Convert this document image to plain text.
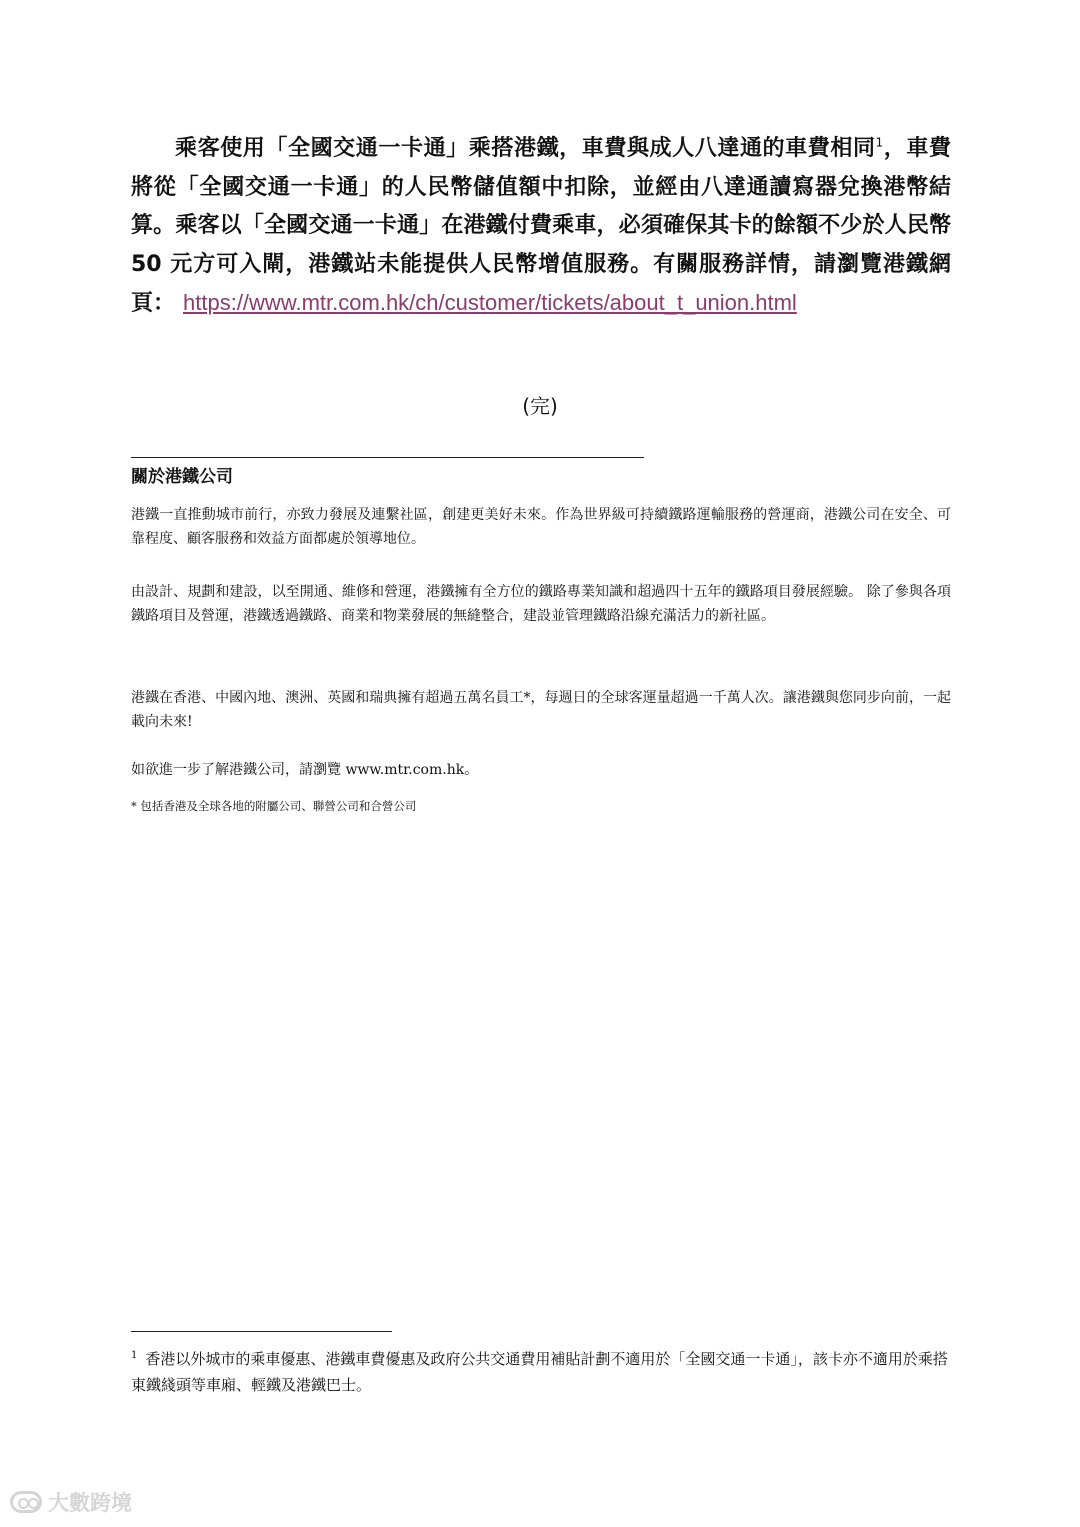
乘客使用「全國交通一卡通」乘搭港鐵，車費與成人八達通的車費相同$^1$，車費將從「全國交通一卡通」的人民幣儲值額中扣除，並經由八達通讀寫器兌換港幣結算。乘客以「全國交通一卡通」在港鐵付費乘車，必須確保其卡的餘額不少於人民幣 50 元方可入閘，港鐵站未能提供人民幣增值服務。有關服務詳情，請瀏覽港鐵網頁： https://www.mtr.com.hk/ch/customer/tickets/about_t_union.html

(完)

關於港鐵公司

港鐵一直推動城市前行，亦致力發展及連繫社區，創建更美好未來。作為世界級可持續鐵路運輸服務的營運商，港鐵公司在安全、可靠程度、顧客服務和效益方面都處於領導地位。

由設計、規劃和建設，以至開通、維修和營運，港鐵擁有全方位的鐵路專業知識和超過四十五年的鐵路項目發展經驗。 除了參與各項鐵路項目及營運，港鐵透過鐵路、商業和物業發展的無縫整合，建設並管理鐵路沿線充滿活力的新社區。

港鐵在香港、中國內地、澳洲、英國和瑞典擁有超過五萬名員工*，每週日的全球客運量超過一千萬人次。讓港鐵與您同步向前，一起載向未來!

如欲進一步了解港鐵公司，請瀏覽 www.mtr.com.hk。

* 包括香港及全球各地的附屬公司、聯營公司和合營公司

$^1$ 香港以外城市的乘車優惠、港鐵車費優惠及政府公共交通費用補貼計劃不適用於「全國交通一卡通」，該卡亦不適用於乘搭東鐵綫頭等車廂、輕鐵及港鐵巴士。

大數跨境
